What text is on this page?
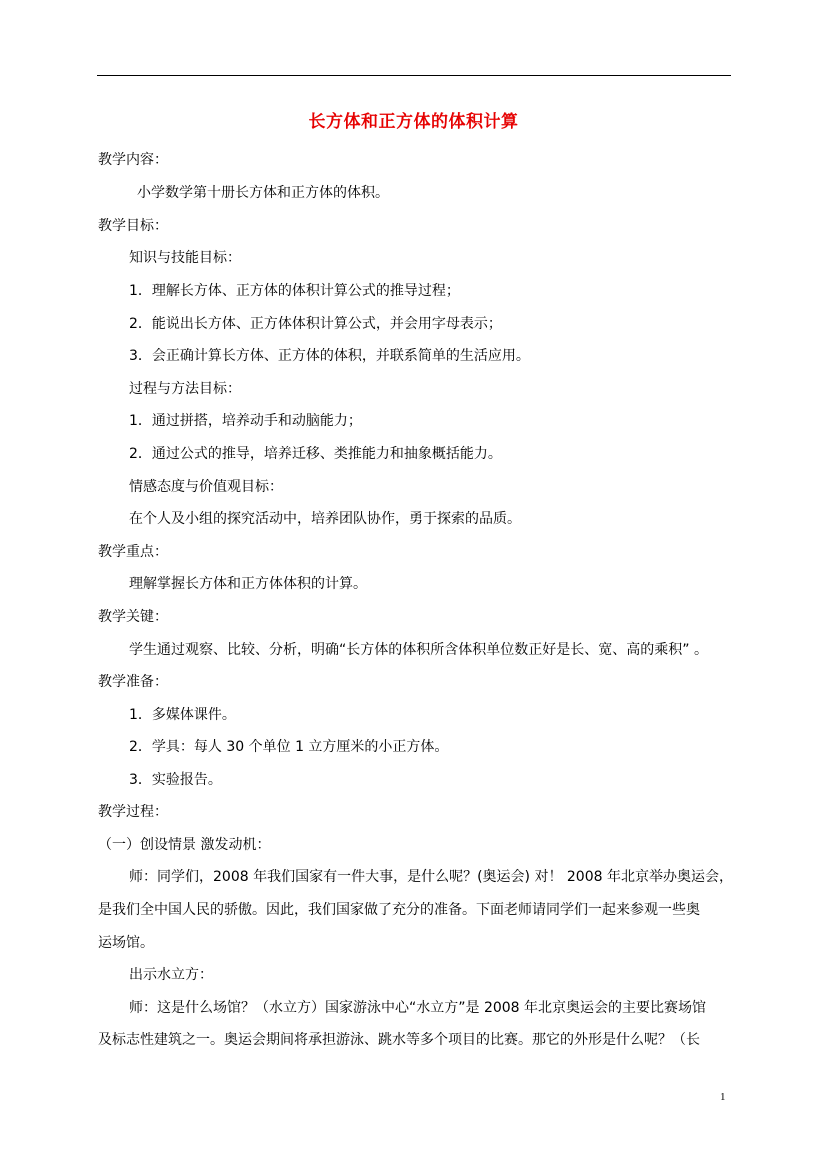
长方体和正方体的体积计算
教学内容：
小学数学第十册长方体和正方体的体积。
教学目标：
知识与技能目标：
1．理解长方体、正方体的体积计算公式的推导过程；
2．能说出长方体、正方体体积计算公式，并会用字母表示；
3．会正确计算长方体、正方体的体积，并联系简单的生活应用。
过程与方法目标：
1．通过拼搭，培养动手和动脑能力；
2．通过公式的推导，培养迁移、类推能力和抽象概括能力。
情感态度与价值观目标：
在个人及小组的探究活动中，培养团队协作，勇于探索的品质。
教学重点：
理解掌握长方体和正方体体积的计算。
教学关键：
学生通过观察、比较、分析，明确“长方体的体积所含体积单位数正好是长、宽、高的乘积” 。
教学准备：
1．多媒体课件。
2．学具：每人 30 个单位 1 立方厘米的小正方体。
3．实验报告。
教学过程：
（一）创设情景 激发动机：
师：同学们，2008 年我们国家有一件大事，是什么呢？(奥运会) 对！ 2008 年北京举办奥运会，
是我们全中国人民的骄傲。因此，我们国家做了充分的准备。下面老师请同学们一起来参观一些奥
运场馆。
出示水立方：
师：这是什么场馆？（水立方）国家游泳中心“水立方”是 2008 年北京奥运会的主要比赛场馆
及标志性建筑之一。奥运会期间将承担游泳、跳水等多个项目的比赛。那它的外形是什么呢？（长
1
